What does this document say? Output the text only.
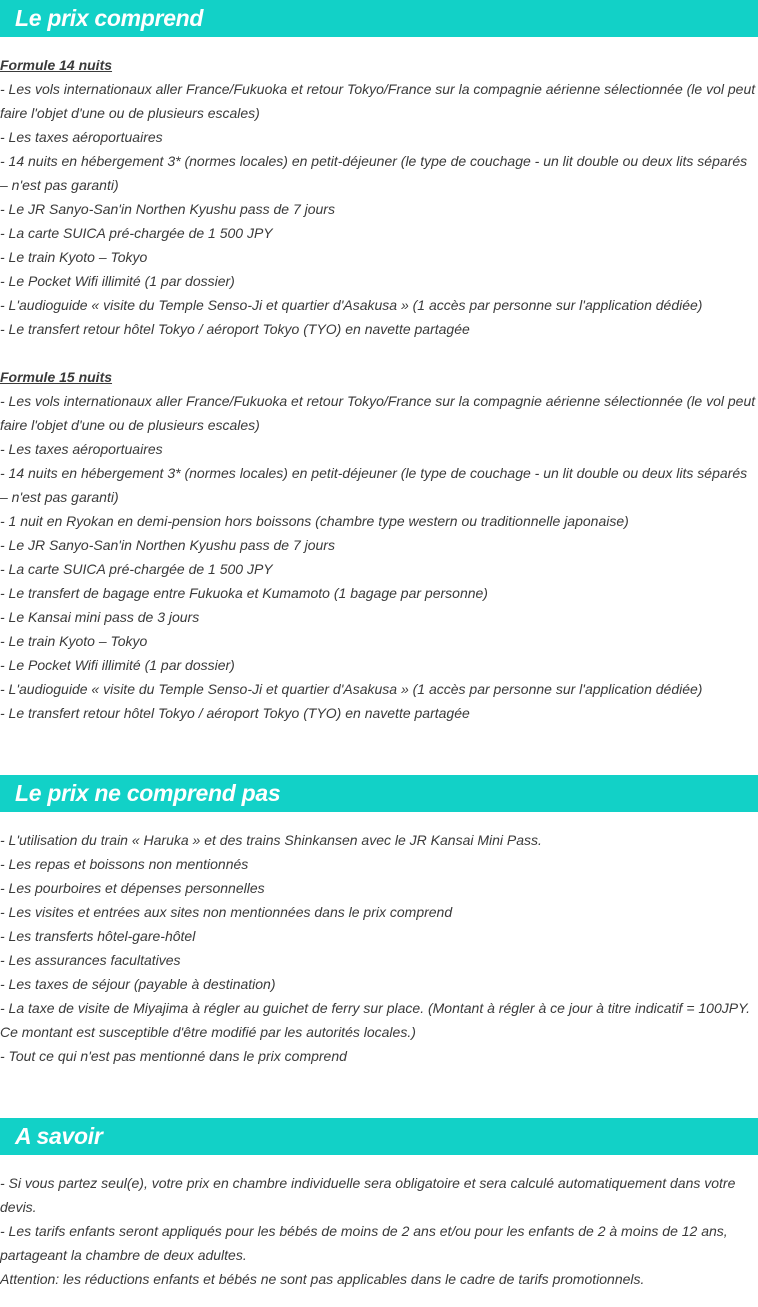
Le prix comprend

Formule 14 nuits

- Les vols internationaux aller France/Fukuoka et retour Tokyo/France sur la compagnie aérienne sélectionnée (le vol peut faire l'objet d'une ou de plusieurs escales)

- Les taxes aéroportuaires

- 14 nuits en hébergement 3* (normes locales) en petit-déjeuner (le type de couchage - un lit double ou deux lits séparés – n'est pas garanti)

- Le JR Sanyo-San'in Northen Kyushu pass de 7 jours

- La carte SUICA pré-chargée de 1 500 JPY

- Le train Kyoto – Tokyo

- Le Pocket Wifi illimité (1 par dossier)

- L'audioguide « visite du Temple Senso-Ji et quartier d'Asakusa » (1 accès par personne sur l'application dédiée)

- Le transfert retour hôtel Tokyo / aéroport Tokyo (TYO) en navette partagée

Formule 15 nuits

- Les vols internationaux aller France/Fukuoka et retour Tokyo/France sur la compagnie aérienne sélectionnée (le vol peut faire l'objet d'une ou de plusieurs escales)

- Les taxes aéroportuaires

- 14 nuits en hébergement 3* (normes locales) en petit-déjeuner (le type de couchage - un lit double ou deux lits séparés – n'est pas garanti)

- 1 nuit en Ryokan en demi-pension hors boissons (chambre type western ou traditionnelle japonaise)

- Le JR Sanyo-San'in Northen Kyushu pass de 7 jours

- La carte SUICA pré-chargée de 1 500 JPY

- Le transfert de bagage entre Fukuoka et Kumamoto (1 bagage par personne)

- Le Kansai mini pass de 3 jours

- Le train Kyoto – Tokyo

- Le Pocket Wifi illimité (1 par dossier)

- L'audioguide « visite du Temple Senso-Ji et quartier d'Asakusa » (1 accès par personne sur l'application dédiée)

- Le transfert retour hôtel Tokyo / aéroport Tokyo (TYO) en navette partagée

Le prix ne comprend pas

- L'utilisation du train « Haruka » et des trains Shinkansen avec le JR Kansai Mini Pass.

- Les repas et boissons non mentionnés

- Les pourboires et dépenses personnelles

- Les visites et entrées aux sites non mentionnées dans le prix comprend

- Les transferts hôtel-gare-hôtel

- Les assurances facultatives

- Les taxes de séjour (payable à destination)

- La taxe de visite de Miyajima à régler au guichet de ferry sur place. (Montant à régler à ce jour à titre indicatif = 100JPY. Ce montant est susceptible d'être modifié par les autorités locales.)

- Tout ce qui n'est pas mentionné dans le prix comprend

A savoir

- Si vous partez seul(e), votre prix en chambre individuelle sera obligatoire et sera calculé automatiquement dans votre devis.

- Les tarifs enfants seront appliqués pour les bébés de moins de 2 ans et/ou pour les enfants de 2 à moins de 12 ans, partageant la chambre de deux adultes.

Attention: les réductions enfants et bébés ne sont pas applicables dans le cadre de tarifs promotionnels.
